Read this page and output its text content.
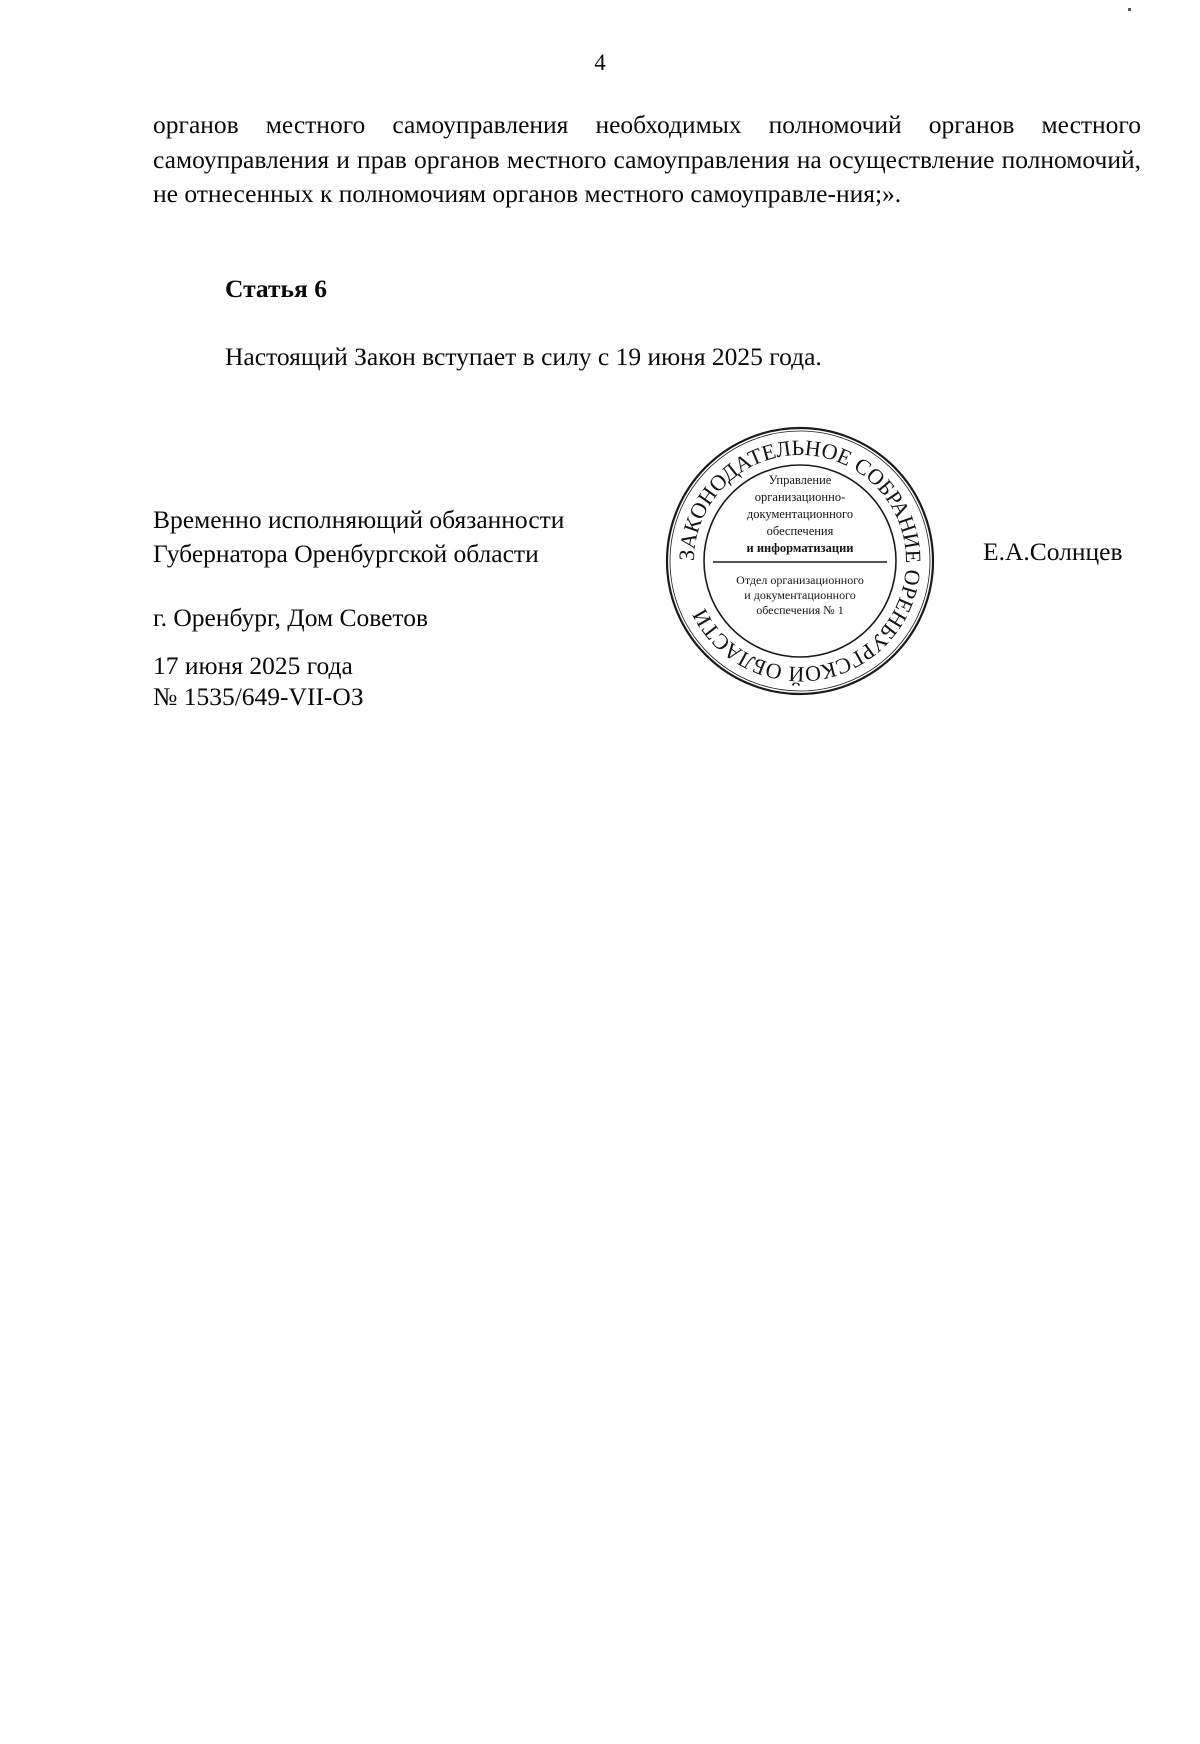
4
органов местного самоуправления необходимых полномочий органов местного самоуправления и прав органов местного самоуправления на осуществление полномочий, не отнесенных к полномочиям органов местного самоуправле-ния;».
Статья 6
Настоящий Закон вступает в силу с 19 июня 2025 года.
Временно исполняющий обязанности
Губернатора Оренбургской области	Е.А.Солнцев
г. Оренбург, Дом Советов
17 июня 2025 года
№ 1535/649-VII-ОЗ
ЗАКОНОДАТЕЛЬНОЕ СОБРАНИЕ ОРЕНБУРГСКОЙ ОБЛАСТИ
Управление
организационно-
документационного
обеспечения
и информатизации
Отдел организационного
и документационного
обеспечения № 1
